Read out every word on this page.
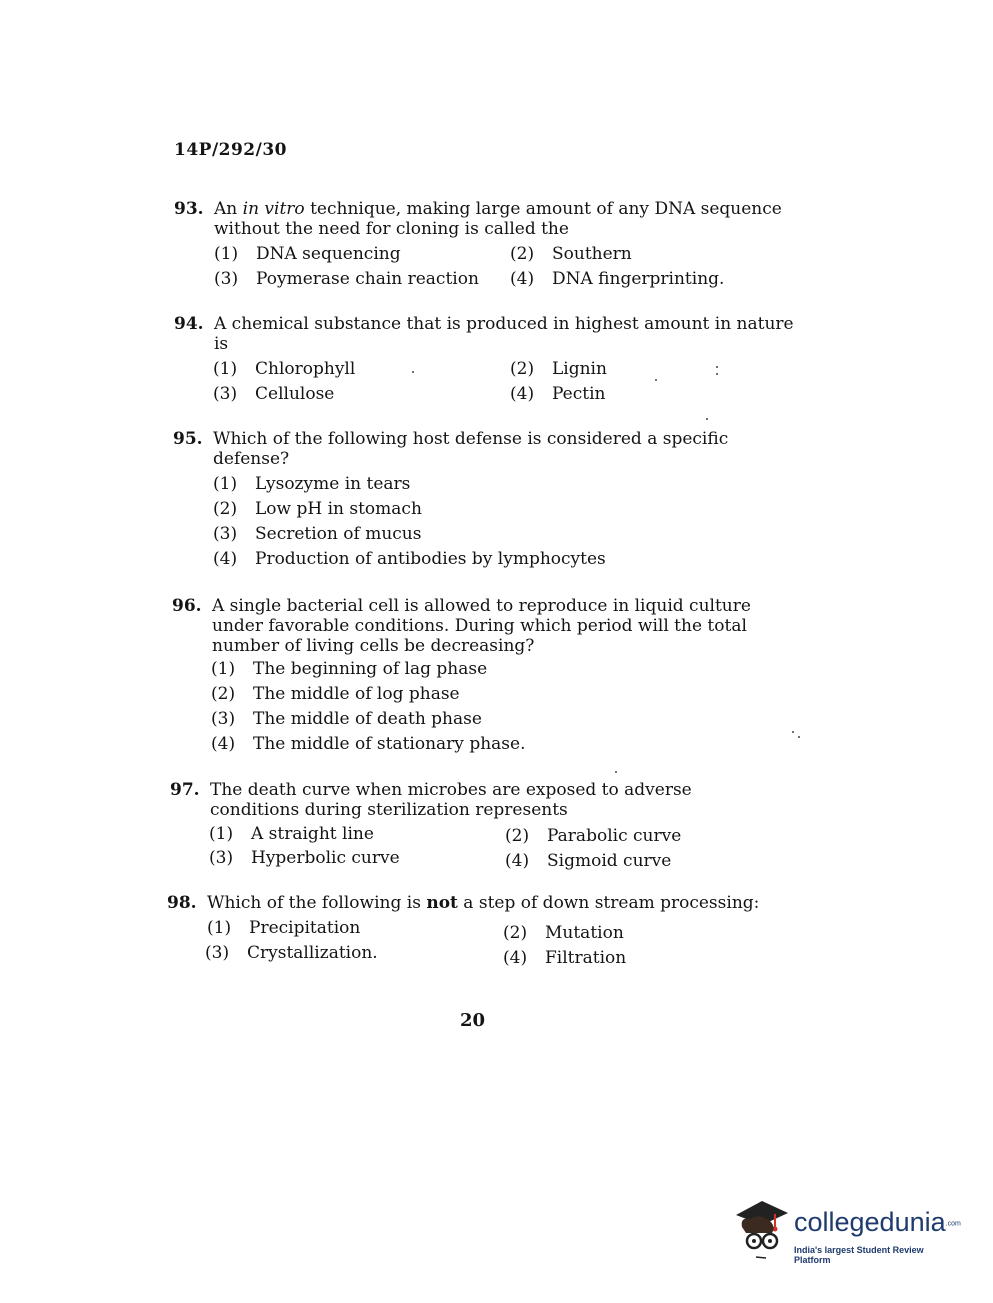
14P/292/30
93. An in vitro technique, making large amount of any DNA sequence without the need for cloning is called the
(1) DNA sequencing	(2) Southern
(3) Poymerase chain reaction (4) DNA fingerprinting.
94. A chemical substance that is produced in highest amount in nature is
(1) Chlorophyll	(2) Lignin
(3) Cellulose	(4) Pectin
95. Which of the following host defense is considered a specific defense?
(1) Lysozyme in tears
(2) Low pH in stomach
(3) Secretion of mucus
(4) Production of antibodies by lymphocytes
96. A single bacterial cell is allowed to reproduce in liquid culture under favorable conditions. During which period will the total number of living cells be decreasing?
(1) The beginning of lag phase
(2) The middle of log phase
(3) The middle of death phase
(4) The middle of stationary phase.
97. The death curve when microbes are exposed to adverse conditions during sterilization represents
(1) A straight line	(2) Parabolic curve
(3) Hyperbolic curve	(4) Sigmoid curve
98. Which of the following is not a step of down stream processing:
(1) Precipitation	(2) Mutation
(3) Crystallization.	(4) Filtration
20
collegedunia.com
India's largest Student Review Platform
